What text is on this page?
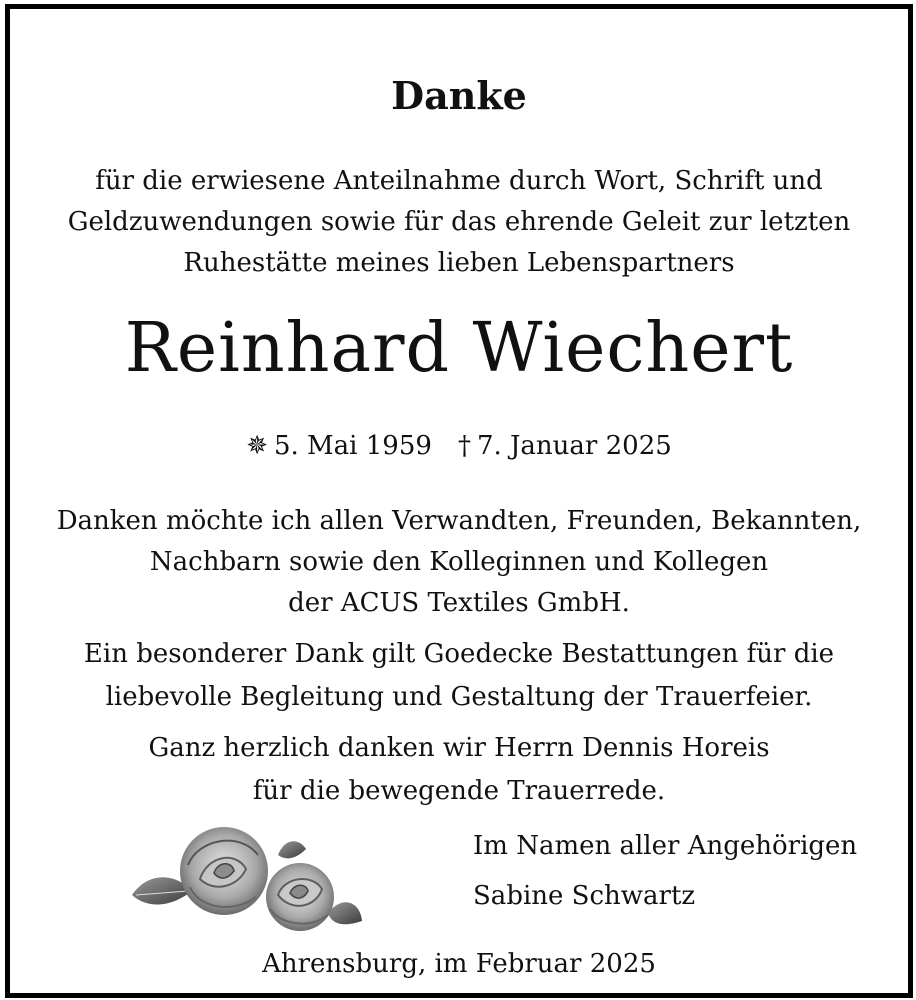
Danke
für die erwiesene Anteilnahme durch Wort, Schrift und
Geldzuwendungen sowie für das ehrende Geleit zur letzten
Ruhestätte meines lieben Lebenspartners
Reinhard Wiechert
✵ 5. Mai 1959 † 7. Januar 2025
Danken möchte ich allen Verwandten, Freunden, Bekannten,
Nachbarn sowie den Kolleginnen und Kollegen
der ACUS Textiles GmbH.
Ein besonderer Dank gilt Goedecke Bestattungen für die
liebevolle Begleitung und Gestaltung der Trauerfeier.
Ganz herzlich danken wir Herrn Dennis Horeis
für die bewegende Trauerrede.
Im Namen aller Angehörigen
Sabine Schwartz
Ahrensburg, im Februar 2025
